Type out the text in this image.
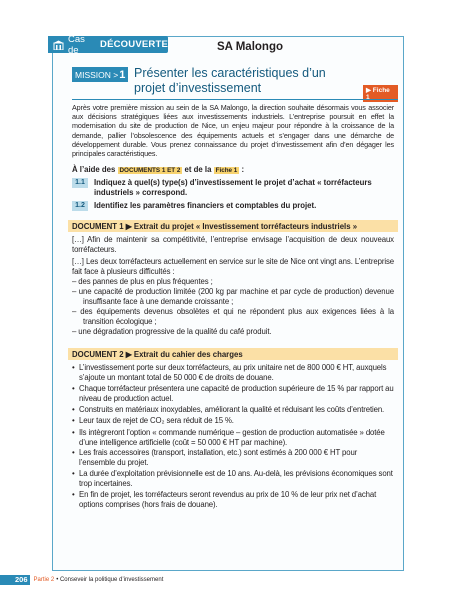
Cas de	DÉCOUVERTE	SA Malongo
MISSION >1 Présenter les caractéristiques d’un projet d’investissement	▶ Fiche 1
Après votre première mission au sein de la SA Malongo, la direction souhaite désormais vous associer aux décisions stratégiques liées aux investissements industriels. L’entreprise poursuit en effet la modernisation du site de production de Nice, un enjeu majeur pour répondre à la croissance de la demande, pallier l’obsolescence des équipements actuels et s’engager dans une démarche de développement durable. Vous prenez connaissance du projet d’investissement afin d’en dégager les principales caractéristiques.
À l’aide des DOCUMENTS 1 ET 2 et de la Fiche 1 :
1.1	Indiquez à quel(s) type(s) d’investissement le projet d’achat « torréfacteurs industriels » correspond.
1.2	Identifiez les paramètres financiers et comptables du projet.
DOCUMENT 1 ▶ Extrait du projet « Investissement torréfacteurs industriels »
[…] Afin de maintenir sa compétitivité, l’entreprise envisage l’acquisition de deux nouveaux torréfacteurs.
[…] Les deux torréfacteurs actuellement en service sur le site de Nice ont vingt ans. L’entreprise fait face à plusieurs difficultés :
– des pannes de plus en plus fréquentes ;
– une capacité de production limitée (200 kg par machine et par cycle de production) devenue insuffisante face à une demande croissante ;
– des équipements devenus obsolètes et qui ne répondent plus aux exigences liées à la transition écologique ;
– une dégradation progressive de la qualité du café produit.
DOCUMENT 2 ▶ Extrait du cahier des charges
• L’investissement porte sur deux torréfacteurs, au prix unitaire net de 800 000 € HT, auxquels s’ajoute un montant total de 50 000 € de droits de douane.
• Chaque torréfacteur présentera une capacité de production supérieure de 15 % par rapport au niveau de production actuel.
• Construits en matériaux inoxydables, améliorant la qualité et réduisant les coûts d’entretien.
• Leur taux de rejet de CO₂ sera réduit de 15 %.
• Ils intègreront l’option « commande numérique – gestion de production automatisée » dotée d’une intelligence artificielle (coût = 50 000 € HT par machine).
• Les frais accessoires (transport, installation, etc.) sont estimés à 200 000 € HT pour l’ensemble du projet.
• La durée d’exploitation prévisionnelle est de 10 ans. Au-delà, les prévisions économiques sont trop incertaines.
• En fin de projet, les torréfacteurs seront revendus au prix de 10 % de leur prix net d’achat options comprises (hors frais de douane).
206	Partie 2 • Conseveir la politique d’investissement
